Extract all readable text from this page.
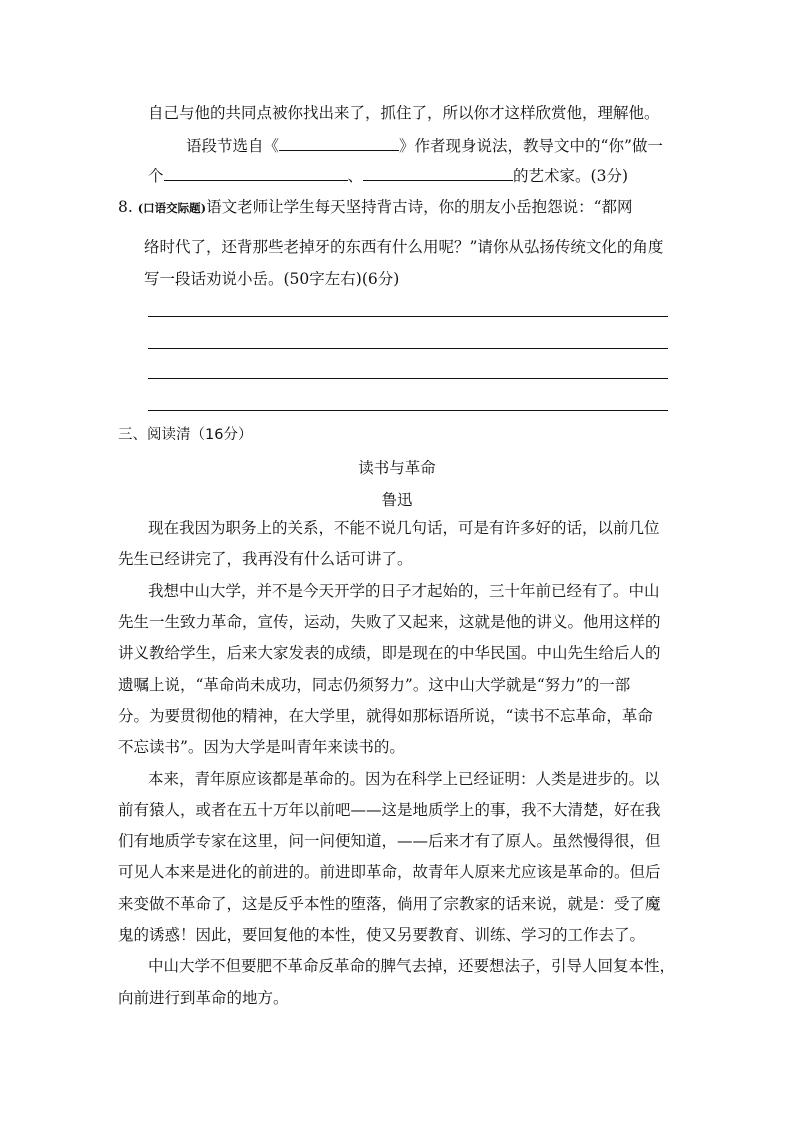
自己与他的共同点被你找出来了，抓住了，所以你才这样欣赏他，理解他。
语段节选自《	》作者现身说法，教导文中的“你”做一
个	、	的艺术家。(3分)
8. (口语交际题)语文老师让学生每天坚持背古诗，你的朋友小岳抱怨说：“都网
络时代了，还背那些老掉牙的东西有什么用呢？”请你从弘扬传统文化的角度
写一段话劝说小岳。(50字左右)(6分)
三、阅读清（16分）
读书与革命
鲁迅
现在我因为职务上的关系，不能不说几句话，可是有许多好的话，以前几位
先生已经讲完了，我再没有什么话可讲了。
我想中山大学，并不是今天开学的日子才起始的，三十年前已经有了。中山
先生一生致力革命，宣传，运动，失败了又起来，这就是他的讲义。他用这样的
讲义教给学生，后来大家发表的成绩，即是现在的中华民国。中山先生给后人的
遗嘱上说，“革命尚未成功，同志仍须努力”。这中山大学就是“努力”的一部
分。为要贯彻他的精神，在大学里，就得如那标语所说，“读书不忘革命，革命
不忘读书”。因为大学是叫青年来读书的。
本来，青年原应该都是革命的。因为在科学上已经证明：人类是进步的。以
前有猿人，或者在五十万年以前吧——这是地质学上的事，我不大清楚，好在我
们有地质学专家在这里，问一问便知道，——后来才有了原人。虽然慢得很，但
可见人本来是进化的前进的。前进即革命，故青年人原来尤应该是革命的。但后
来变做不革命了，这是反乎本性的堕落，倘用了宗教家的话来说，就是：受了魔
鬼的诱惑！因此，要回复他的本性，使又另要教育、训练、学习的工作去了。
中山大学不但要肥不革命反革命的脾气去掉，还要想法子，引导人回复本性，
向前进行到革命的地方。
